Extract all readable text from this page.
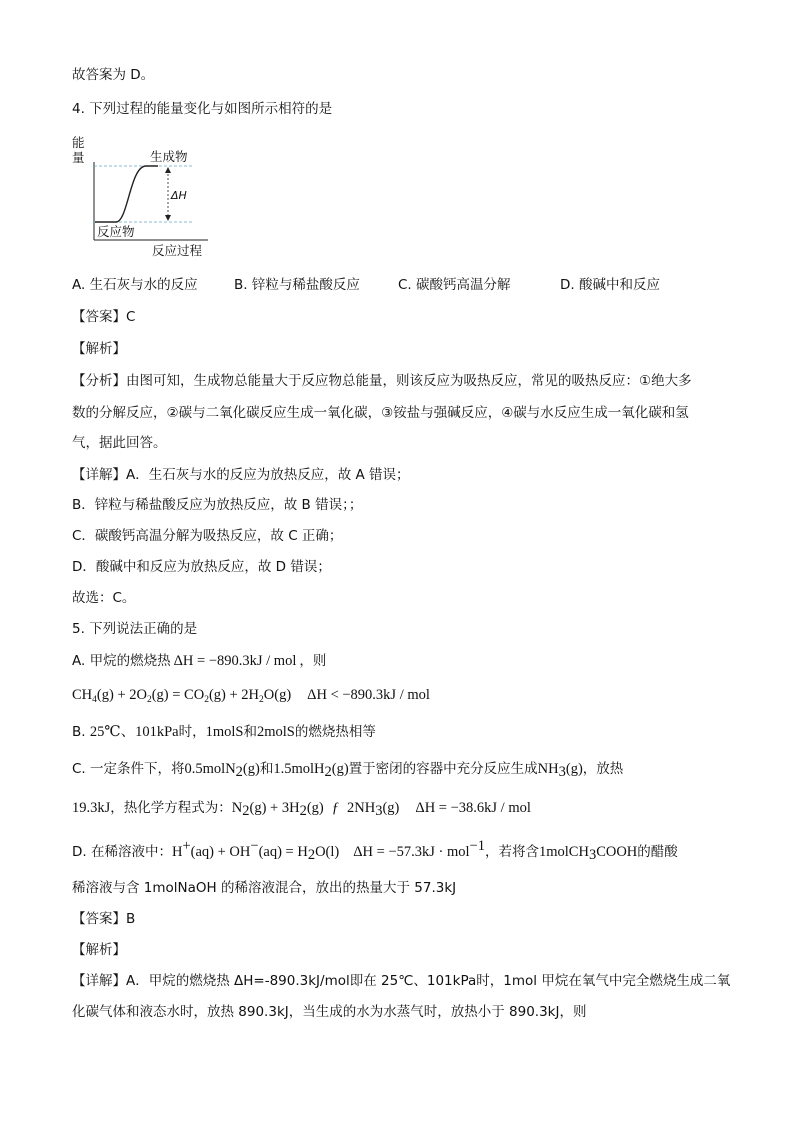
故答案为 D。
4. 下列过程的能量变化与如图所示相符的是
能
量	生成物
ΔH
反应物
反应过程
A. 生石灰与水的反应	B. 锌粒与稀盐酸反应	C. 碳酸钙高温分解	D. 酸碱中和反应
【答案】C
【解析】
【分析】由图可知，生成物总能量大于反应物总能量，则该反应为吸热反应，常见的吸热反应：①绝大多
数的分解反应，②碳与二氧化碳反应生成一氧化碳，③铵盐与强碱反应，④碳与水反应生成一氧化碳和氢
气，据此回答。
【详解】A．生石灰与水的反应为放热反应，故 A 错误；
B．锌粒与稀盐酸反应为放热反应，故 B 错误；；
C．碳酸钙高温分解为吸热反应，故 C 正确；
D．酸碱中和反应为放热反应，故 D 错误；
故选：C。
5. 下列说法正确的是
A. 甲烷的燃烧热 ΔH = −890.3kJ / mol ，则
$CH_4(g) + 2O_2(g) = CO_2(g) + 2H_2O(g) \Delta H < -890.3kJ$ / mol
B. 25℃、101kPa时，1molS和2molS的燃烧热相等
C. 一定条件下，将0.5molN$_2$(g)和1.5molH$_2$(g)置于密闭的容器中充分反应生成$NH_3(g)$，放热
19.3kJ，热化学方程式为：$N_2(g) + 3H_2(g)$ ƒ $2NH_3(g) \Delta H = -38.6kJ$ / mol
D. 在稀溶液中：$H^+(aq) + OH^-(aq) = H_2O(l) \Delta H = -57.3kJ \cdot mol^{-1}$，若将含1molCH$_3$COOH的醋酸
稀溶液与含 1molNaOH 的稀溶液混合，放出的热量大于 57.3kJ
【答案】B
【解析】
【详解】A．甲烷的燃烧热 ΔH=-890.3kJ/mol即在 25℃、101kPa时，1mol 甲烷在氧气中完全燃烧生成二氧
化碳气体和液态水时，放热 890.3kJ，当生成的水为水蒸气时，放热小于 890.3kJ，则
